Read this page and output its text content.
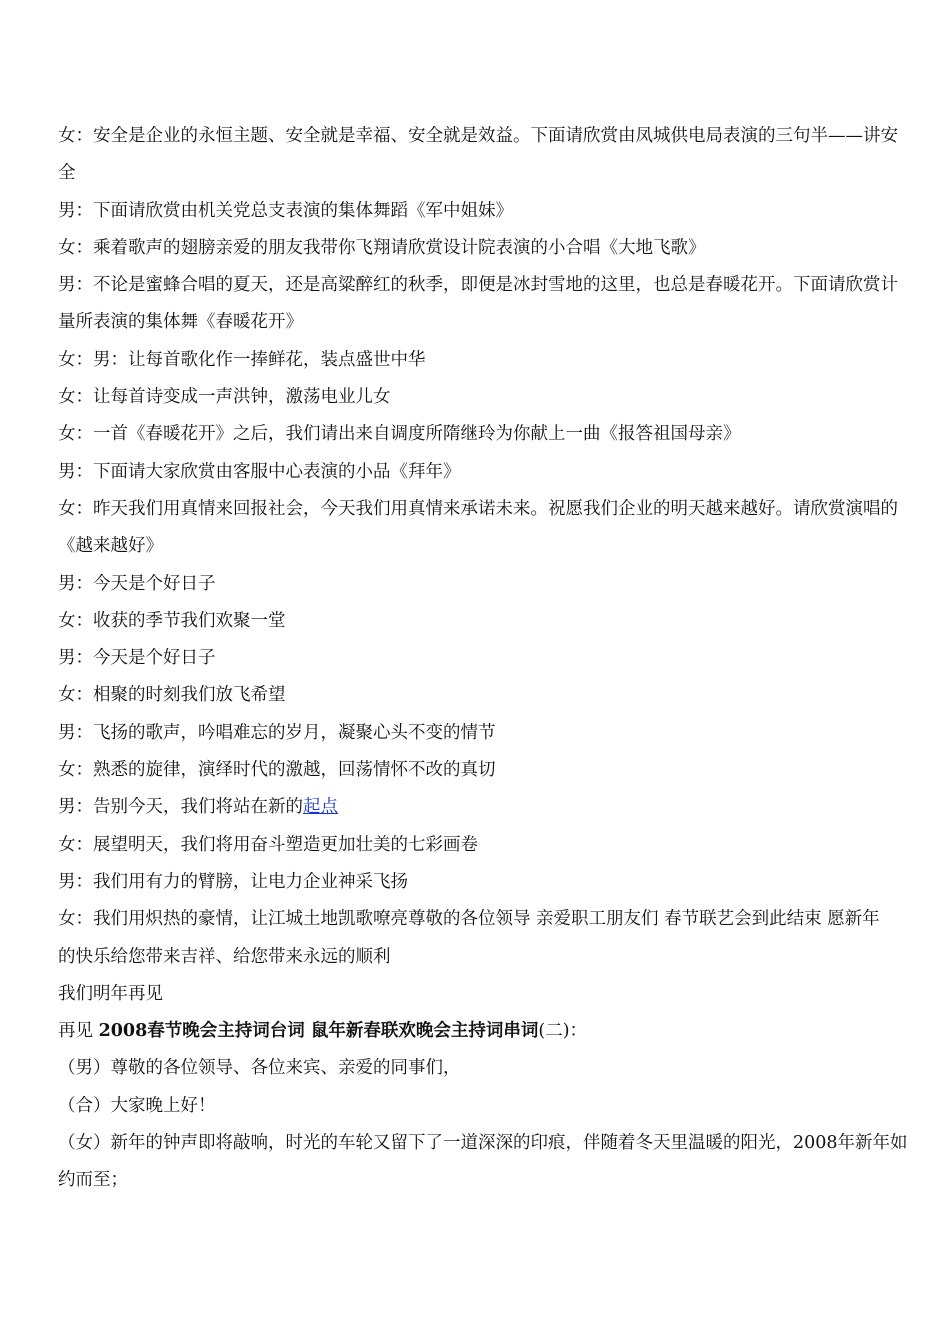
女：安全是企业的永恒主题、安全就是幸福、安全就是效益。下面请欣赏由凤城供电局表演的三句半——讲安
全
男：下面请欣赏由机关党总支表演的集体舞蹈《军中姐妹》
女：乘着歌声的翅膀亲爱的朋友我带你飞翔请欣赏设计院表演的小合唱《大地飞歌》
男：不论是蜜蜂合唱的夏天，还是高粱醉红的秋季，即便是冰封雪地的这里，也总是春暖花开。下面请欣赏计
量所表演的集体舞《春暖花开》
女：男：让每首歌化作一捧鲜花，装点盛世中华
女：让每首诗变成一声洪钟，激荡电业儿女
女：一首《春暖花开》之后，我们请出来自调度所隋继玲为你献上一曲《报答祖国母亲》
男：下面请大家欣赏由客服中心表演的小品《拜年》
女：昨天我们用真情来回报社会，今天我们用真情来承诺未来。祝愿我们企业的明天越来越好。请欣赏演唱的
《越来越好》
男：今天是个好日子
女：收获的季节我们欢聚一堂
男：今天是个好日子
女：相聚的时刻我们放飞希望
男：飞扬的歌声，吟唱难忘的岁月，凝聚心头不变的情节
女：熟悉的旋律，演绎时代的激越，回荡情怀不改的真切
男：告别今天，我们将站在新的起点
女：展望明天，我们将用奋斗塑造更加壮美的七彩画卷
男：我们用有力的臂膀，让电力企业神采飞扬
女：我们用炽热的豪情，让江城土地凯歌嘹亮尊敬的各位领导 亲爱职工朋友们 春节联艺会到此结束 愿新年
的快乐给您带来吉祥、给您带来永远的顺利
我们明年再见
再见 2008春节晚会主持词台词 鼠年新春联欢晚会主持词串词(二)：
（男）尊敬的各位领导、各位来宾、亲爱的同事们，
（合）大家晚上好！
（女）新年的钟声即将敲响，时光的车轮又留下了一道深深的印痕，伴随着冬天里温暖的阳光，2008年新年如
约而至；
